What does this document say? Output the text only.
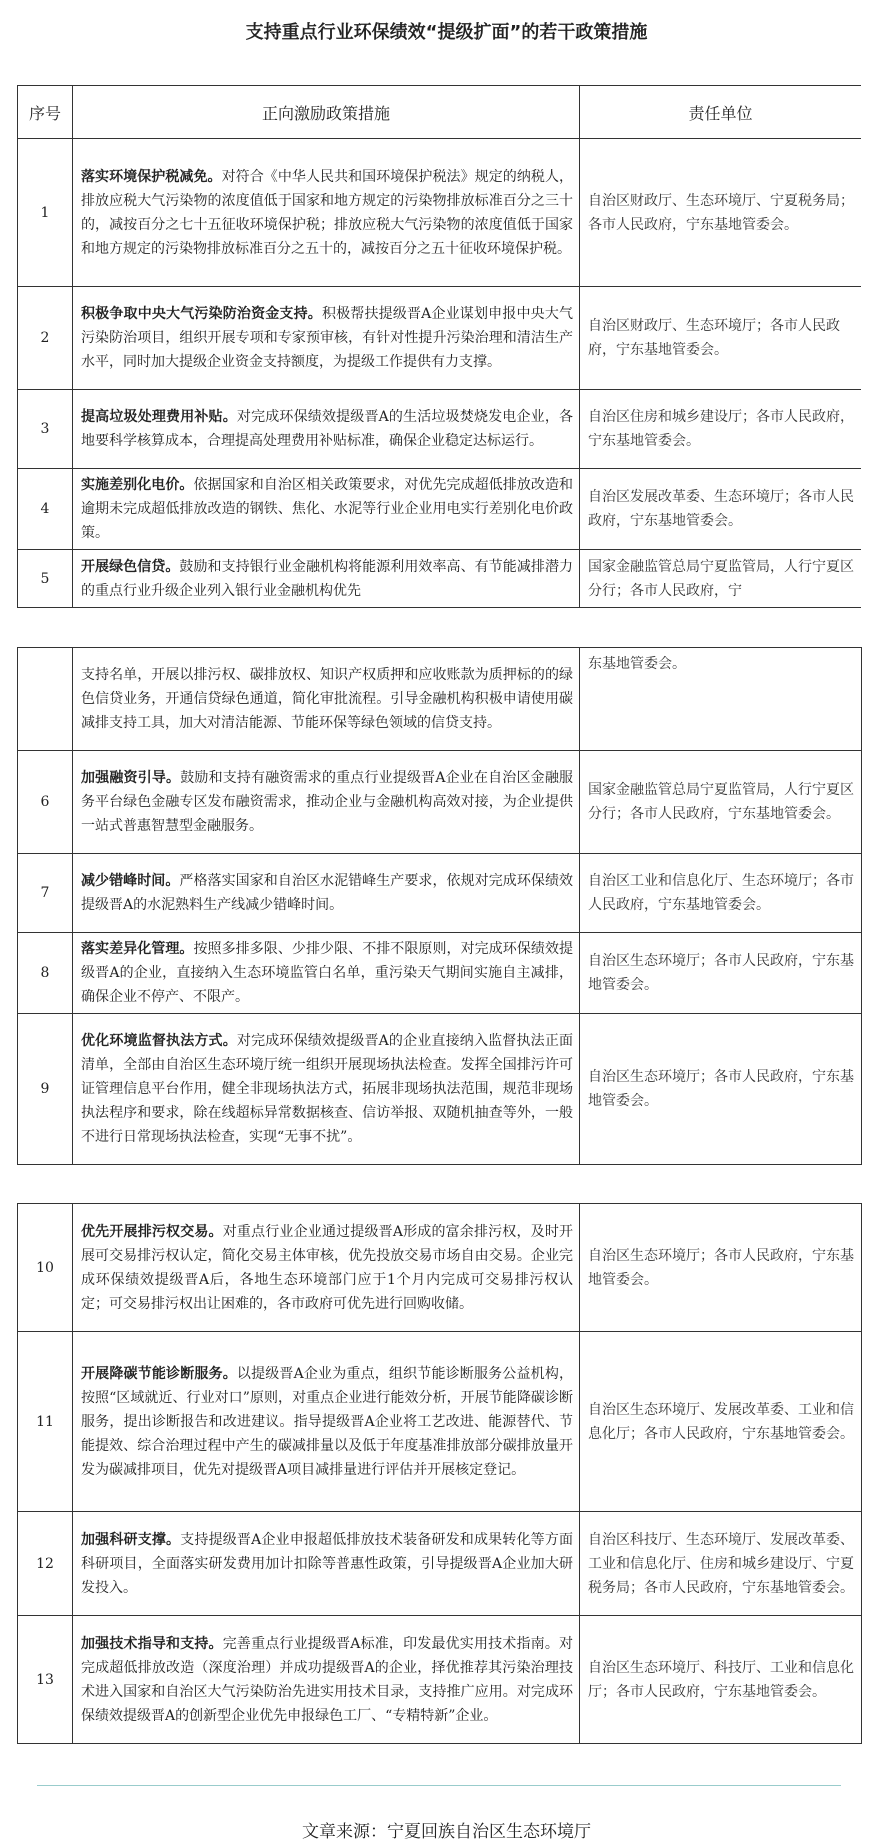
支持重点行业环保绩效“提级扩面”的若干政策措施
序号	正向激励政策措施	责任单位
1	落实环境保护税减免。对符合《中华人民共和国环境保护税法》规定的纳税人，排放应税大气污染物的浓度值低于国家和地方规定的污染物排放标准百分之三十的，减按百分之七十五征收环境保护税；排放应税大气污染物的浓度值低于国家和地方规定的污染物排放标准百分之五十的，减按百分之五十征收环境保护税。	自治区财政厅、生态环境厅、宁夏税务局；各市人民政府，宁东基地管委会。
2	积极争取中央大气污染防治资金支持。积极帮扶提级晋A企业谋划申报中央大气污染防治项目，组织开展专项和专家预审核，有针对性提升污染治理和清洁生产水平，同时加大提级企业资金支持额度，为提级工作提供有力支撑。	自治区财政厅、生态环境厅；各市人民政府，宁东基地管委会。
3	提高垃圾处理费用补贴。对完成环保绩效提级晋A的生活垃圾焚烧发电企业，各地要科学核算成本，合理提高处理费用补贴标准，确保企业稳定达标运行。	自治区住房和城乡建设厅；各市人民政府，宁东基地管委会。
4	实施差别化电价。依据国家和自治区相关政策要求，对优先完成超低排放改造和逾期未完成超低排放改造的钢铁、焦化、水泥等行业企业用电实行差别化电价政策。	自治区发展改革委、生态环境厅；各市人民政府，宁东基地管委会。
5	开展绿色信贷。鼓励和支持银行业金融机构将能源利用效率高、有节能减排潜力的重点行业升级企业列入银行业金融机构优先	国家金融监管总局宁夏监管局，人行宁夏区分行；各市人民政府，宁
	支持名单，开展以排污权、碳排放权、知识产权质押和应收账款为质押标的的绿色信贷业务，开通信贷绿色通道，简化审批流程。引导金融机构积极申请使用碳减排支持工具，加大对清洁能源、节能环保等绿色领域的信贷支持。	东基地管委会。
6	加强融资引导。鼓励和支持有融资需求的重点行业提级晋A企业在自治区金融服务平台绿色金融专区发布融资需求，推动企业与金融机构高效对接，为企业提供一站式普惠智慧型金融服务。	国家金融监管总局宁夏监管局，人行宁夏区分行；各市人民政府，宁东基地管委会。
7	减少错峰时间。严格落实国家和自治区水泥错峰生产要求，依规对完成环保绩效提级晋A的水泥熟料生产线减少错峰时间。	自治区工业和信息化厅、生态环境厅；各市人民政府，宁东基地管委会。
8	落实差异化管理。按照多排多限、少排少限、不排不限原则，对完成环保绩效提级晋A的企业，直接纳入生态环境监管白名单，重污染天气期间实施自主减排，确保企业不停产、不限产。	自治区生态环境厅；各市人民政府，宁东基地管委会。
9	优化环境监督执法方式。对完成环保绩效提级晋A的企业直接纳入监督执法正面清单，全部由自治区生态环境厅统一组织开展现场执法检查。发挥全国排污许可证管理信息平台作用，健全非现场执法方式，拓展非现场执法范围，规范非现场执法程序和要求，除在线超标异常数据核查、信访举报、双随机抽查等外，一般不进行日常现场执法检查，实现“无事不扰”。	自治区生态环境厅；各市人民政府，宁东基地管委会。
10	优先开展排污权交易。对重点行业企业通过提级晋A形成的富余排污权，及时开展可交易排污权认定，简化交易主体审核，优先投放交易市场自由交易。企业完成环保绩效提级晋A后，各地生态环境部门应于1个月内完成可交易排污权认定；可交易排污权出让困难的，各市政府可优先进行回购收储。	自治区生态环境厅；各市人民政府，宁东基地管委会。
11	开展降碳节能诊断服务。以提级晋A企业为重点，组织节能诊断服务公益机构，按照“区域就近、行业对口”原则，对重点企业进行能效分析，开展节能降碳诊断服务，提出诊断报告和改进建议。指导提级晋A企业将工艺改进、能源替代、节能提效、综合治理过程中产生的碳减排量以及低于年度基准排放部分碳排放量开发为碳减排项目，优先对提级晋A项目减排量进行评估并开展核定登记。	自治区生态环境厅、发展改革委、工业和信息化厅；各市人民政府，宁东基地管委会。
12	加强科研支撑。支持提级晋A企业申报超低排放技术装备研发和成果转化等方面科研项目，全面落实研发费用加计扣除等普惠性政策，引导提级晋A企业加大研发投入。	自治区科技厅、生态环境厅、发展改革委、工业和信息化厅、住房和城乡建设厅、宁夏税务局；各市人民政府，宁东基地管委会。
13	加强技术指导和支持。完善重点行业提级晋A标准，印发最优实用技术指南。对完成超低排放改造（深度治理）并成功提级晋A的企业，择优推荐其污染治理技术进入国家和自治区大气污染防治先进实用技术目录，支持推广应用。对完成环保绩效提级晋A的创新型企业优先申报绿色工厂、“专精特新”企业。	自治区生态环境厅、科技厅、工业和信息化厅；各市人民政府，宁东基地管委会。
文章来源：宁夏回族自治区生态环境厅
